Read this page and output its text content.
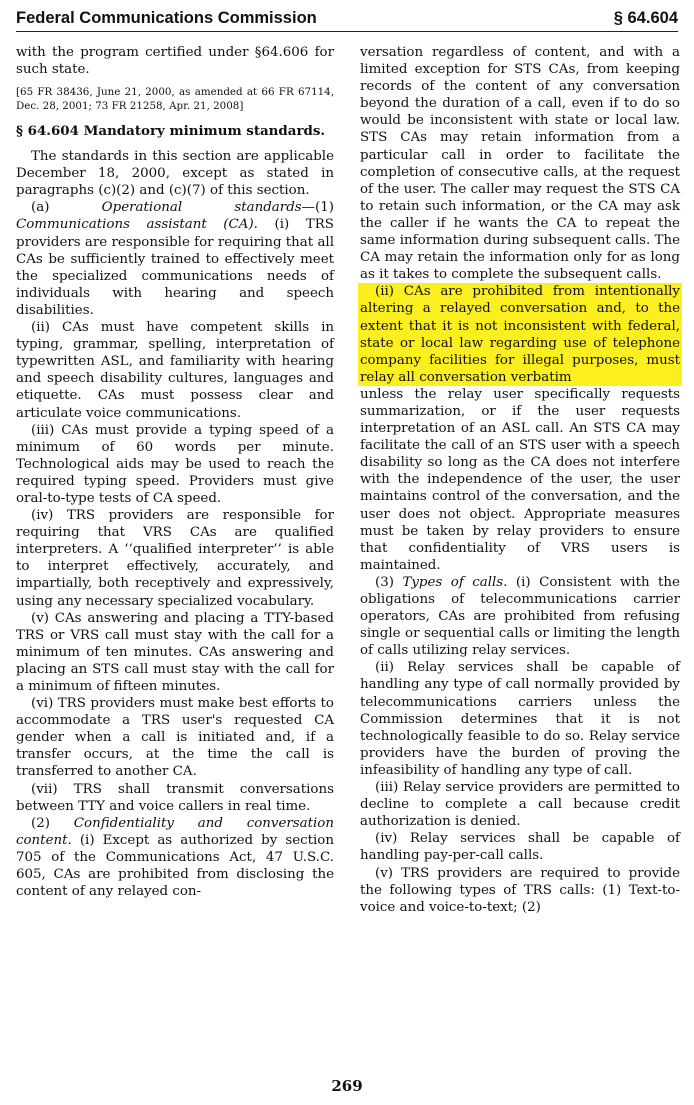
Federal Communications Commission	§ 64.604

with the program certified under §64.606 for such state.

[65 FR 38436, June 21, 2000, as amended at 66 FR 67114, Dec. 28, 2001; 73 FR 21258, Apr. 21, 2008]

§ 64.604 Mandatory minimum standards.

The standards in this section are applicable December 18, 2000, except as stated in paragraphs (c)(2) and (c)(7) of this section.

(a)	Operational standards—(1) Communications assistant (CA). (i) TRS providers are responsible for requiring that all CAs be sufficiently trained to effectively meet the specialized communications needs of individuals with hearing and speech disabilities.

(ii) CAs must have competent skills in typing, grammar, spelling, interpretation of typewritten ASL, and familiarity with hearing and speech disability cultures, languages and etiquette. CAs must possess clear and articulate voice communications.

(iii) CAs must provide a typing speed of a minimum of 60 words per minute. Technological aids may be used to reach the required typing speed. Providers must give oral-to-type tests of CA speed.

(iv) TRS providers are responsible for requiring that VRS CAs are qualified interpreters. A ‘‘qualified interpreter’’ is able to interpret effectively, accurately, and impartially, both receptively and expressively, using any necessary specialized vocabulary.

(v) CAs answering and placing a TTY-based TRS or VRS call must stay with the call for a minimum of ten minutes. CAs answering and placing an STS call must stay with the call for a minimum of fifteen minutes.

(vi) TRS providers must make best efforts to accommodate a TRS user's requested CA gender when a call is initiated and, if a transfer occurs, at the time the call is transferred to another CA.

(vii) TRS shall transmit conversations between TTY and voice callers in real time.

(2) Confidentiality and conversation content. (i) Except as authorized by section 705 of the Communications Act, 47 U.S.C. 605, CAs are prohibited from disclosing the content of any relayed con-

versation regardless of content, and with a limited exception for STS CAs, from keeping records of the content of any conversation beyond the duration of a call, even if to do so would be inconsistent with state or local law. STS CAs may retain information from a particular call in order to facilitate the completion of consecutive calls, at the request of the user. The caller may request the STS CA to retain such information, or the CA may ask the caller if he wants the CA to repeat the same information during subsequent calls. The CA may retain the information only for as long as it takes to complete the subsequent calls.

(ii) CAs are prohibited from intentionally altering a relayed conversation and, to the extent that it is not inconsistent with federal, state or local law regarding use of telephone company facilities for illegal purposes, must relay all conversation verbatim
unless the relay user specifically requests summarization, or if the user requests interpretation of an ASL call. An STS CA may facilitate the call of an STS user with a speech disability so long as the CA does not interfere with the independence of the user, the user maintains control of the conversation, and the user does not object. Appropriate measures must be taken by relay providers to ensure that confidentiality of VRS users is maintained.

(3) Types of calls. (i) Consistent with the obligations of telecommunications carrier operators, CAs are prohibited from refusing single or sequential calls or limiting the length of calls utilizing relay services.

(ii) Relay services shall be capable of handling any type of call normally provided by telecommunications carriers unless the Commission determines that it is not technologically feasible to do so. Relay service providers have the burden of proving the infeasibility of handling any type of call.

(iii) Relay service providers are permitted to decline to complete a call because credit authorization is denied.

(iv) Relay services shall be capable of handling pay-per-call calls.

(v) TRS providers are required to provide the following types of TRS calls: (1) Text-to-voice and voice-to-text; (2)

269
